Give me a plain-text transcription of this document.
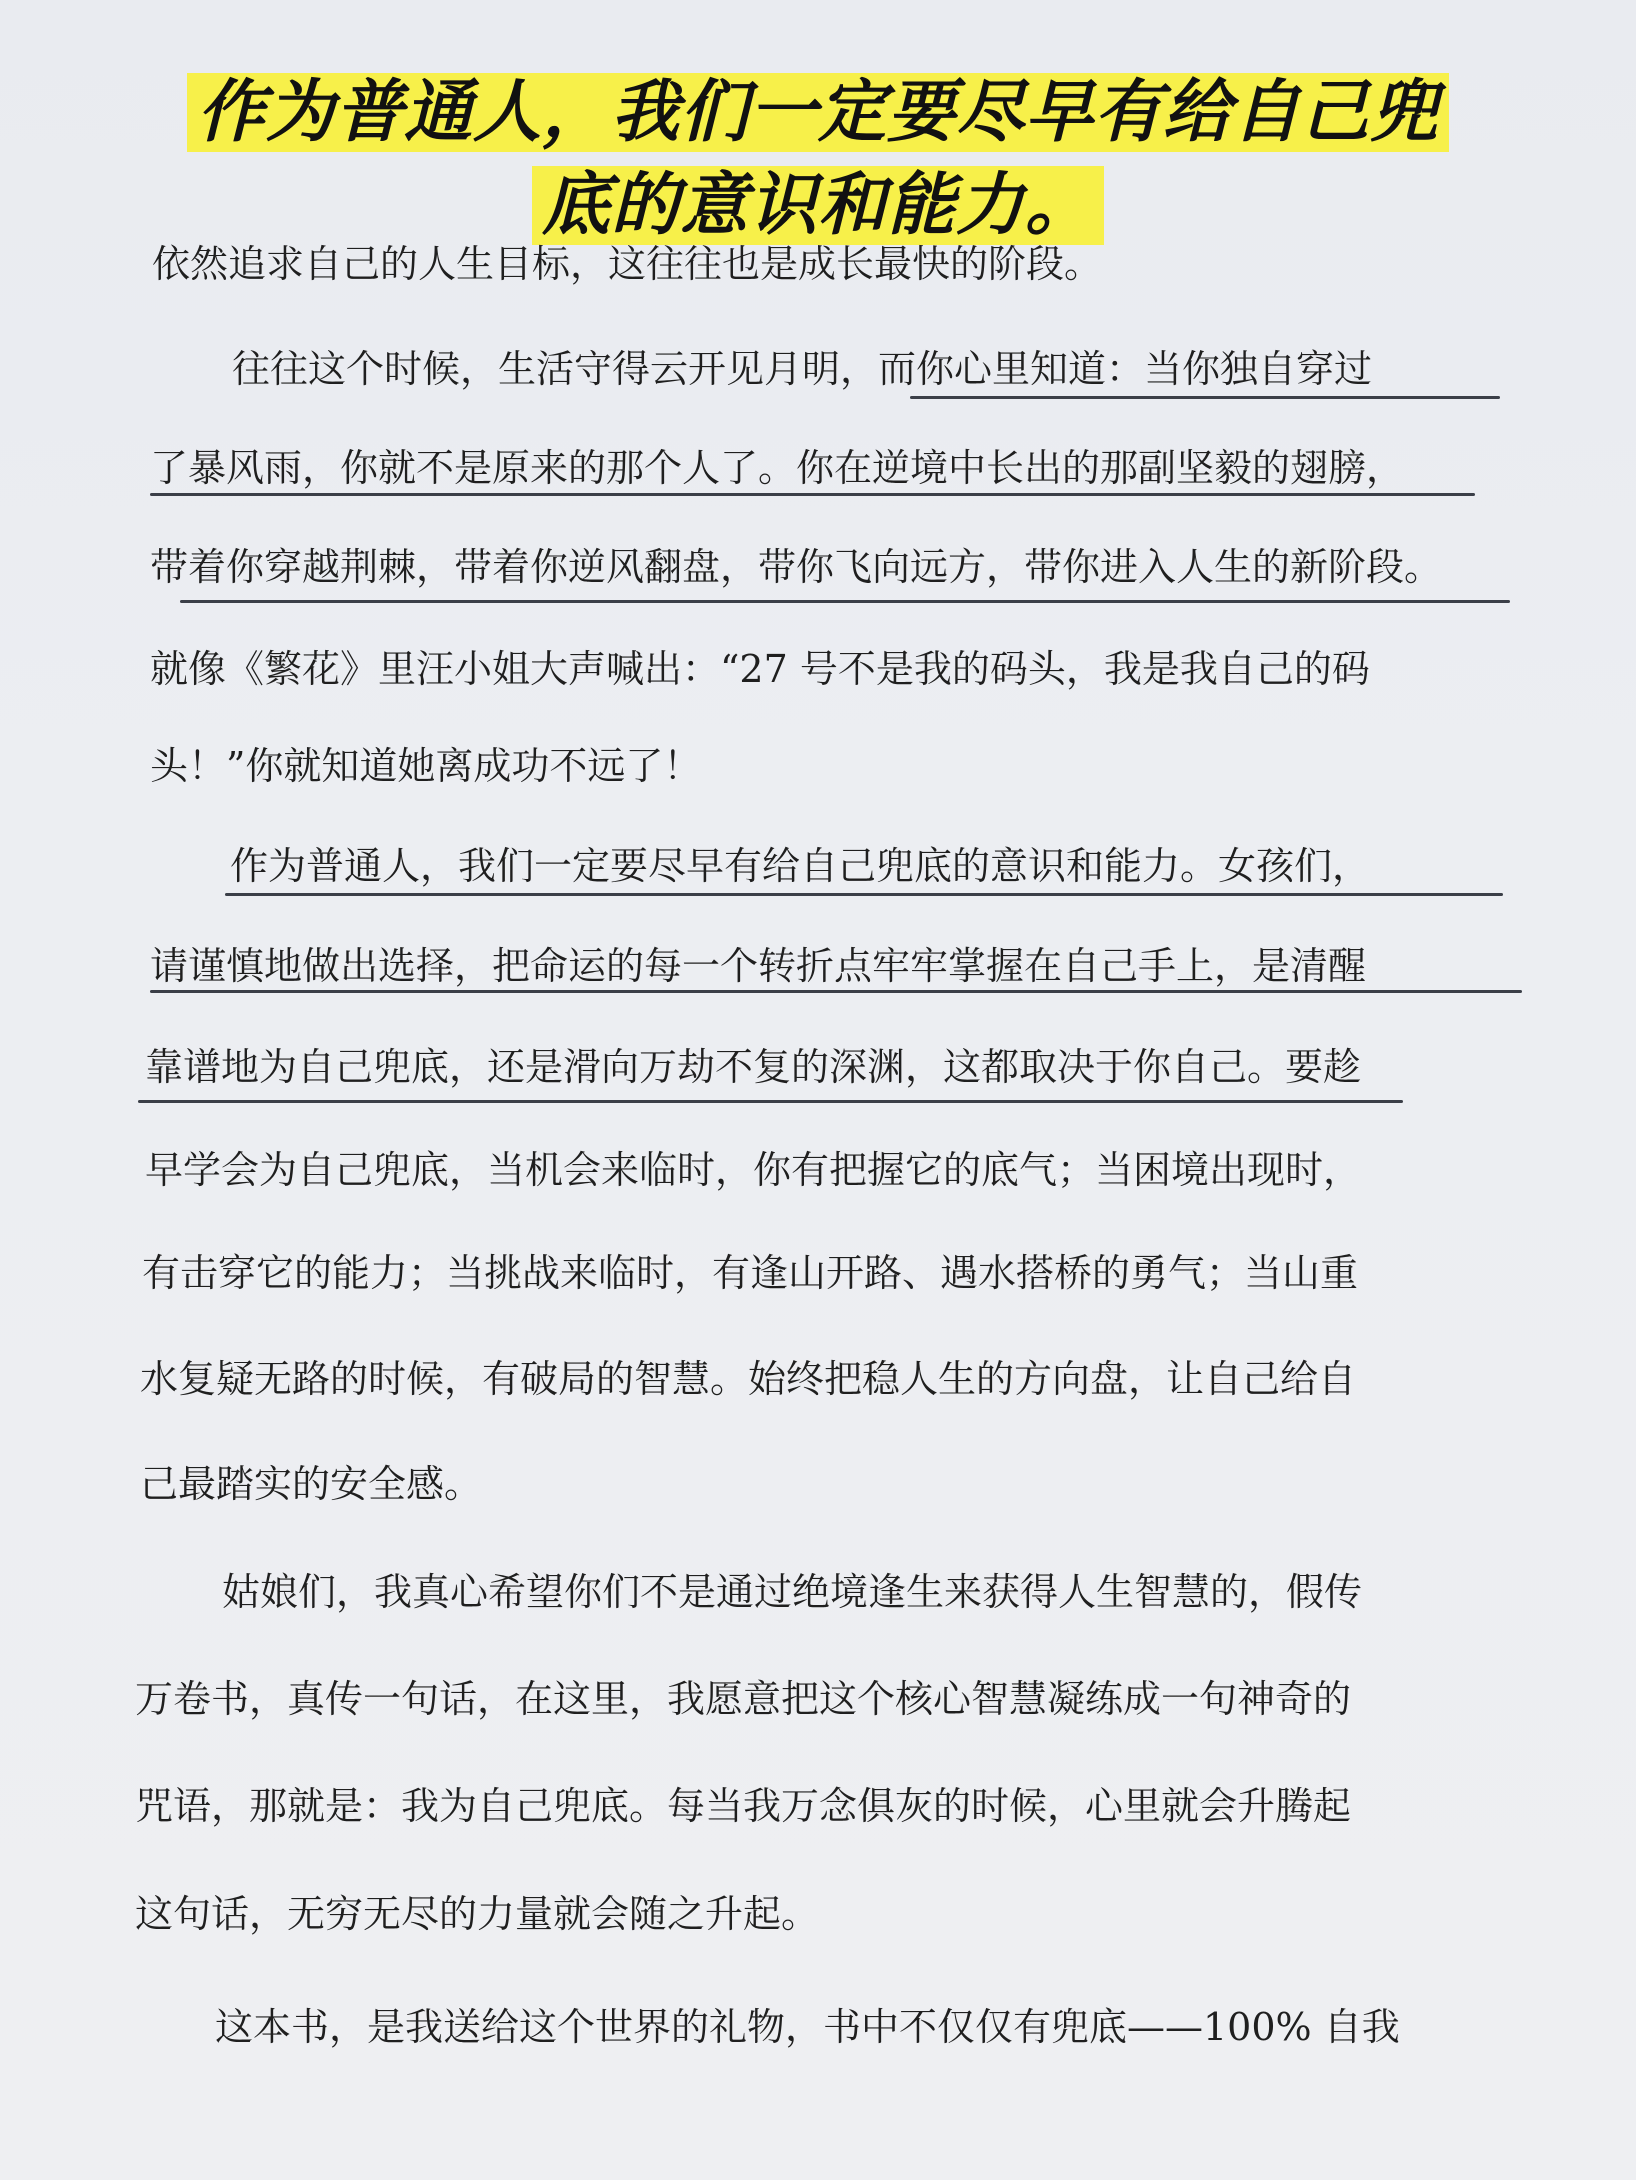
作为普通人，我们一定要尽早有给自己兜
底的意识和能力。
依然追求自己的人生目标，这往往也是成长最快的阶段。
往往这个时候，生活守得云开见月明，而你心里知道：当你独自穿过
了暴风雨，你就不是原来的那个人了。你在逆境中长出的那副坚毅的翅膀，
带着你穿越荆棘，带着你逆风翻盘，带你飞向远方，带你进入人生的新阶段。
就像《繁花》里汪小姐大声喊出：“27 号不是我的码头，我是我自己的码
头！”你就知道她离成功不远了！
作为普通人，我们一定要尽早有给自己兜底的意识和能力。女孩们，
请谨慎地做出选择，把命运的每一个转折点牢牢掌握在自己手上，是清醒
靠谱地为自己兜底，还是滑向万劫不复的深渊，这都取决于你自己。要趁
早学会为自己兜底，当机会来临时，你有把握它的底气；当困境出现时，
有击穿它的能力；当挑战来临时，有逢山开路、遇水搭桥的勇气；当山重
水复疑无路的时候，有破局的智慧。始终把稳人生的方向盘，让自己给自
己最踏实的安全感。
姑娘们，我真心希望你们不是通过绝境逢生来获得人生智慧的，假传
万卷书，真传一句话，在这里，我愿意把这个核心智慧凝练成一句神奇的
咒语，那就是：我为自己兜底。每当我万念俱灰的时候，心里就会升腾起
这句话，无穷无尽的力量就会随之升起。
这本书，是我送给这个世界的礼物，书中不仅仅有兜底——100% 自我
